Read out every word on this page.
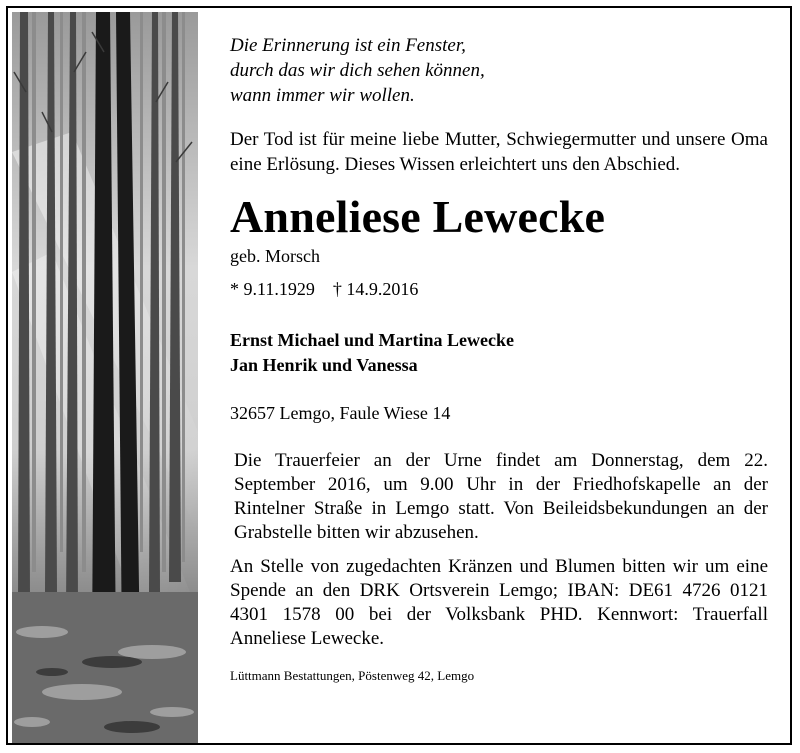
Die Erinnerung ist ein Fenster,
durch das wir dich sehen können,
wann immer wir wollen.

Der Tod ist für meine liebe Mutter, Schwiegermutter und unsere Oma eine Erlösung. Dieses Wissen erleichtert uns den Abschied.

Anneliese Lewecke
geb. Morsch
* 9.11.1929 † 14.9.2016
Ernst Michael und Martina Lewecke
Jan Henrik und Vanessa
32657 Lemgo, Faule Wiese 14

Die Trauerfeier an der Urne findet am Donnerstag, dem 22. September 2016, um 9.00 Uhr in der Friedhofskapelle an der Rintelner Straße in Lemgo statt. Von Beileidsbekundungen an der Grabstelle bitten wir abzusehen.

An Stelle von zugedachten Kränzen und Blumen bitten wir um eine Spende an den DRK Ortsverein Lemgo; IBAN: DE61 4726 0121 4301 1578 00 bei der Volksbank PHD. Kennwort: Trauerfall Anneliese Lewecke.

Lüttmann Bestattungen, Pöstenweg 42, Lemgo
